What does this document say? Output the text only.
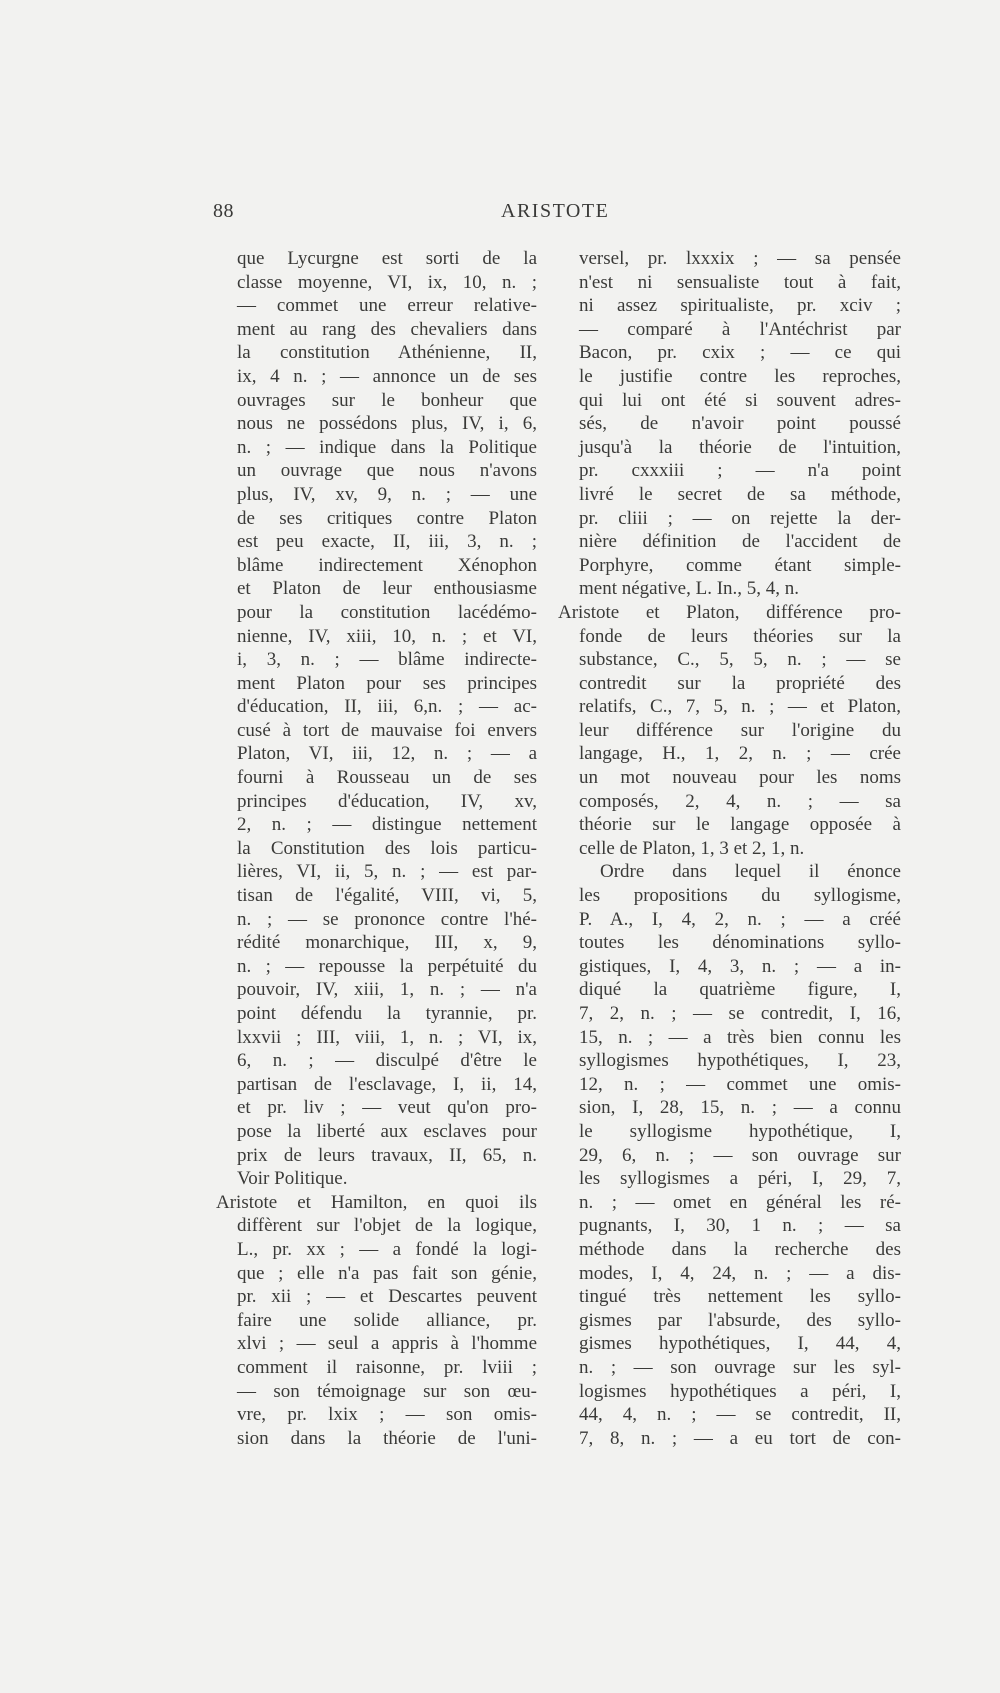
88	ARISTOTE
que Lycurgne est sorti de la
classe moyenne, VI, ix, 10, n. ;
— commet une erreur relative-
ment au rang des chevaliers dans
la constitution Athénienne, II,
ix, 4 n. ; — annonce un de ses
ouvrages sur le bonheur que
nous ne possédons plus, IV, i, 6,
n. ; — indique dans la Politique
un ouvrage que nous n'avons
plus, IV, xv, 9, n. ; — une
de ses critiques contre Platon
est peu exacte, II, iii, 3, n. ;
blâme indirectement Xénophon
et Platon de leur enthousiasme
pour la constitution lacédémo-
nienne, IV, xiii, 10, n. ; et VI,
i, 3, n. ; — blâme indirecte-
ment Platon pour ses principes
d'éducation, II, iii, 6,n. ; — ac-
cusé à tort de mauvaise foi envers
Platon, VI, iii, 12, n. ; — a
fourni à Rousseau un de ses
principes d'éducation, IV, xv,
2, n. ; — distingue nettement
la Constitution des lois particu-
lières, VI, ii, 5, n. ; — est par-
tisan de l'égalité, VIII, vi, 5,
n. ; — se prononce contre l'hé-
rédité monarchique, III, x, 9,
n. ; — repousse la perpétuité du
pouvoir, IV, xiii, 1, n. ; — n'a
point défendu la tyrannie, pr.
lxxvii ; III, viii, 1, n. ; VI, ix,
6, n. ; — disculpé d'être le
partisan de l'esclavage, I, ii, 14,
et pr. liv ; — veut qu'on pro-
pose la liberté aux esclaves pour
prix de leurs travaux, II, 65, n.
Voir Politique.
Aristote et Hamilton, en quoi ils
diffèrent sur l'objet de la logique,
L., pr. xx ; — a fondé la logi-
que ; elle n'a pas fait son génie,
pr. xii ; — et Descartes peuvent
faire une solide alliance, pr.
xlvi ; — seul a appris à l'homme
comment il raisonne, pr. lviii ;
— son témoignage sur son œu-
vre, pr. lxix ; — son omis-
sion dans la théorie de l'uni-
versel, pr. lxxxix ; — sa pensée
n'est ni sensualiste tout à fait,
ni assez spiritualiste, pr. xciv ;
— comparé à l'Antéchrist par
Bacon, pr. cxix ; — ce qui
le justifie contre les reproches,
qui lui ont été si souvent adres-
sés, de n'avoir point poussé
jusqu'à la théorie de l'intuition,
pr. cxxxiii ; — n'a point
livré le secret de sa méthode,
pr. cliii ; — on rejette la der-
nière définition de l'accident de
Porphyre, comme étant simple-
ment négative, L. In., 5, 4, n.
Aristote et Platon, différence pro-
fonde de leurs théories sur la
substance, C., 5, 5, n. ; — se
contredit sur la propriété des
relatifs, C., 7, 5, n. ; — et Platon,
leur différence sur l'origine du
langage, H., 1, 2, n. ; — crée
un mot nouveau pour les noms
composés, 2, 4, n. ; — sa
théorie sur le langage opposée à
celle de Platon, 1, 3 et 2, 1, n.
Ordre dans lequel il énonce
les propositions du syllogisme,
P. A., I, 4, 2, n. ; — a créé
toutes les dénominations syllo-
gistiques, I, 4, 3, n. ; — a in-
diqué la quatrième figure, I,
7, 2, n. ; — se contredit, I, 16,
15, n. ; — a très bien connu les
syllogismes hypothétiques, I, 23,
12, n. ; — commet une omis-
sion, I, 28, 15, n. ; — a connu
le syllogisme hypothétique, I,
29, 6, n. ; — son ouvrage sur
les syllogismes a péri, I, 29, 7,
n. ; — omet en général les ré-
pugnants, I, 30, 1 n. ; — sa
méthode dans la recherche des
modes, I, 4, 24, n. ; — a dis-
tingué très nettement les syllo-
gismes par l'absurde, des syllo-
gismes hypothétiques, I, 44, 4,
n. ; — son ouvrage sur les syl-
logismes hypothétiques a péri, I,
44, 4, n. ; — se contredit, II,
7, 8, n. ; — a eu tort de con-
